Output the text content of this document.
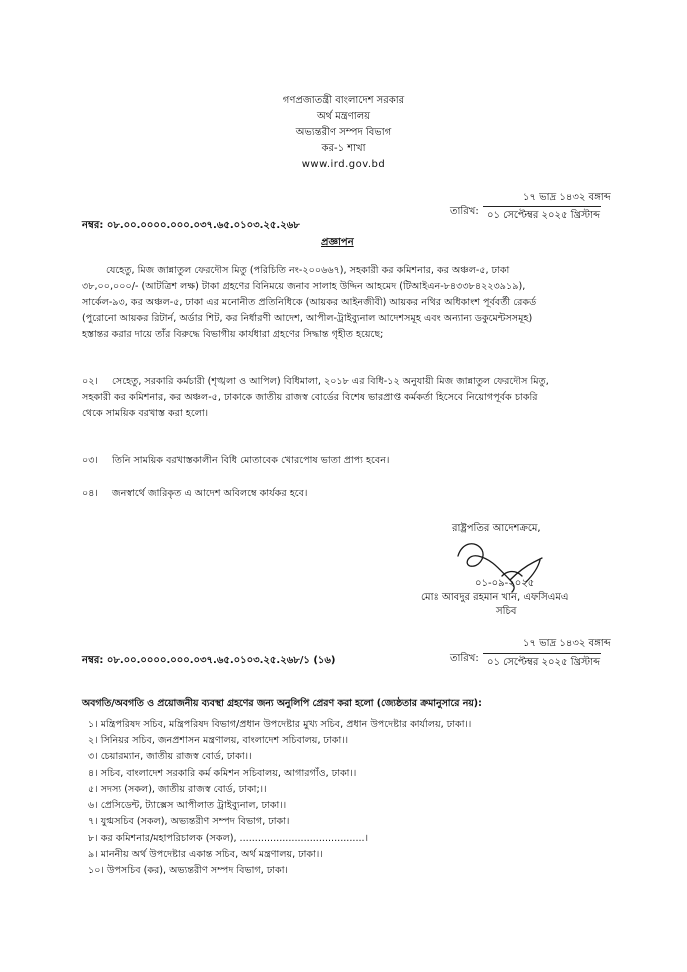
গণপ্রজাতন্ত্রী বাংলাদেশ সরকার
অর্থ মন্ত্রণালয়
অভ্যন্তরীণ সম্পদ বিভাগ
কর-১ শাখা
www.ird.gov.bd
১৭ ভাদ্র ১৪৩২ বঙ্গাব্দ
তারিখ: ০১ সেপ্টেম্বর ২০২৫ খ্রিস্টাব্দ
নম্বর: ০৮.০০.০০০০.০০০.০৩৭.৬৫.০১০৩.২৫.২৬৮
প্রজ্ঞাপন
যেহেতু, মিজ জান্নাতুল ফেরদৌস মিতু (পরিচিতি নং-২০০৬৬৭), সহকারী কর কমিশনার, কর অঞ্চল-৫, ঢাকা
৩৮,০০,০০০/- (আটত্রিশ লক্ষ) টাকা গ্রহণের বিনিময়ে জনাব সালাহ উদ্দিন আহমেদ (টিআইএন-৮৪৩৩৮৪২২৩৯১৯),
সার্কেল-৯৩, কর অঞ্চল-৫, ঢাকা এর মনোনীত প্রতিনিধিকে (আয়কর আইনজীবী) আয়কর নথির অধিকাংশ পূর্ববর্তী রেকর্ড
(পুরোনো আয়কর রিটার্ন, অর্ডার শিট, কর নির্ধারণী আদেশ, আপীল-ট্রাইব্যুনাল আদেশসমূহ এবং অন্যান্য ডকুমেন্টসসমূহ)
হস্তান্তর করার দায়ে তাঁর বিরুদ্ধে বিভাগীয় কার্যধারা গ্রহণের সিদ্ধান্ত গৃহীত হয়েছে;
০২। সেহেতু, সরকারি কর্মচারী (শৃঙ্খলা ও আপিল) বিধিমালা, ২০১৮ এর বিধি-১২ অনুযায়ী মিজ জান্নাতুল ফেরদৌস মিতু,
সহকারী কর কমিশনার, কর অঞ্চল-৫, ঢাকাকে জাতীয় রাজস্ব বোর্ডের বিশেষ ভারপ্রাপ্ত কর্মকর্তা হিসেবে নিয়োগপূর্বক চাকরি
থেকে সাময়িক বরখাস্ত করা হলো।
০৩। তিনি সাময়িক বরখাস্তকালীন বিধি মোতাবেক খোরপোষ ভাতা প্রাপ্য হবেন।
০৪। জনস্বার্থে জারিকৃত এ আদেশ অবিলম্বে কার্যকর হবে।
রাষ্ট্রপতির আদেশক্রমে,
০১-০৯-২০২৫
মোঃ আবদুর রহমান খান, এফসিএমএ
সচিব
১৭ ভাদ্র ১৪৩২ বঙ্গাব্দ
তারিখ: ০১ সেপ্টেম্বর ২০২৫ খ্রিস্টাব্দ
নম্বর: ০৮.০০.০০০০.০০০.০৩৭.৬৫.০১০৩.২৫.২৬৮/১ (১৬)
অবগতি/অবগতি ও প্রয়োজনীয় ব্যবস্থা গ্রহণের জন্য অনুলিপি প্রেরণ করা হলো (জ্যেষ্ঠতার ক্রমানুসারে নয়):
১। মন্ত্রিপরিষদ সচিব, মন্ত্রিপরিষদ বিভাগ/প্রধান উপদেষ্টার মুখ্য সচিব, প্রধান উপদেষ্টার কার্যালয়, ঢাকা।।
২। সিনিয়র সচিব, জনপ্রশাসন মন্ত্রণালয়, বাংলাদেশ সচিবালয়, ঢাকা।।
৩। চেয়ারম্যান, জাতীয় রাজস্ব বোর্ড, ঢাকা।।
৪। সচিব, বাংলাদেশ সরকারি কর্ম কমিশন সচিবালয়, আগারগাঁও, ঢাকা।।
৫। সদস্য (সকল), জাতীয় রাজস্ব বোর্ড, ঢাকা;।।
৬। প্রেসিডেন্ট, ট্যাক্সেস আপীলাত ট্রাইব্যুনাল, ঢাকা।।
৭। যুগ্মসচিব (সকল), অভ্যন্তরীণ সম্পদ বিভাগ, ঢাকা।
৮। কর কমিশনার/মহাপরিচালক (সকল), .........................................।
৯। মাননীয় অর্থ উপদেষ্টার একান্ত সচিব, অর্থ মন্ত্রণালয়, ঢাকা।।
১০। উপসচিব (কর), অভ্যন্তরীণ সম্পদ বিভাগ, ঢাকা।
